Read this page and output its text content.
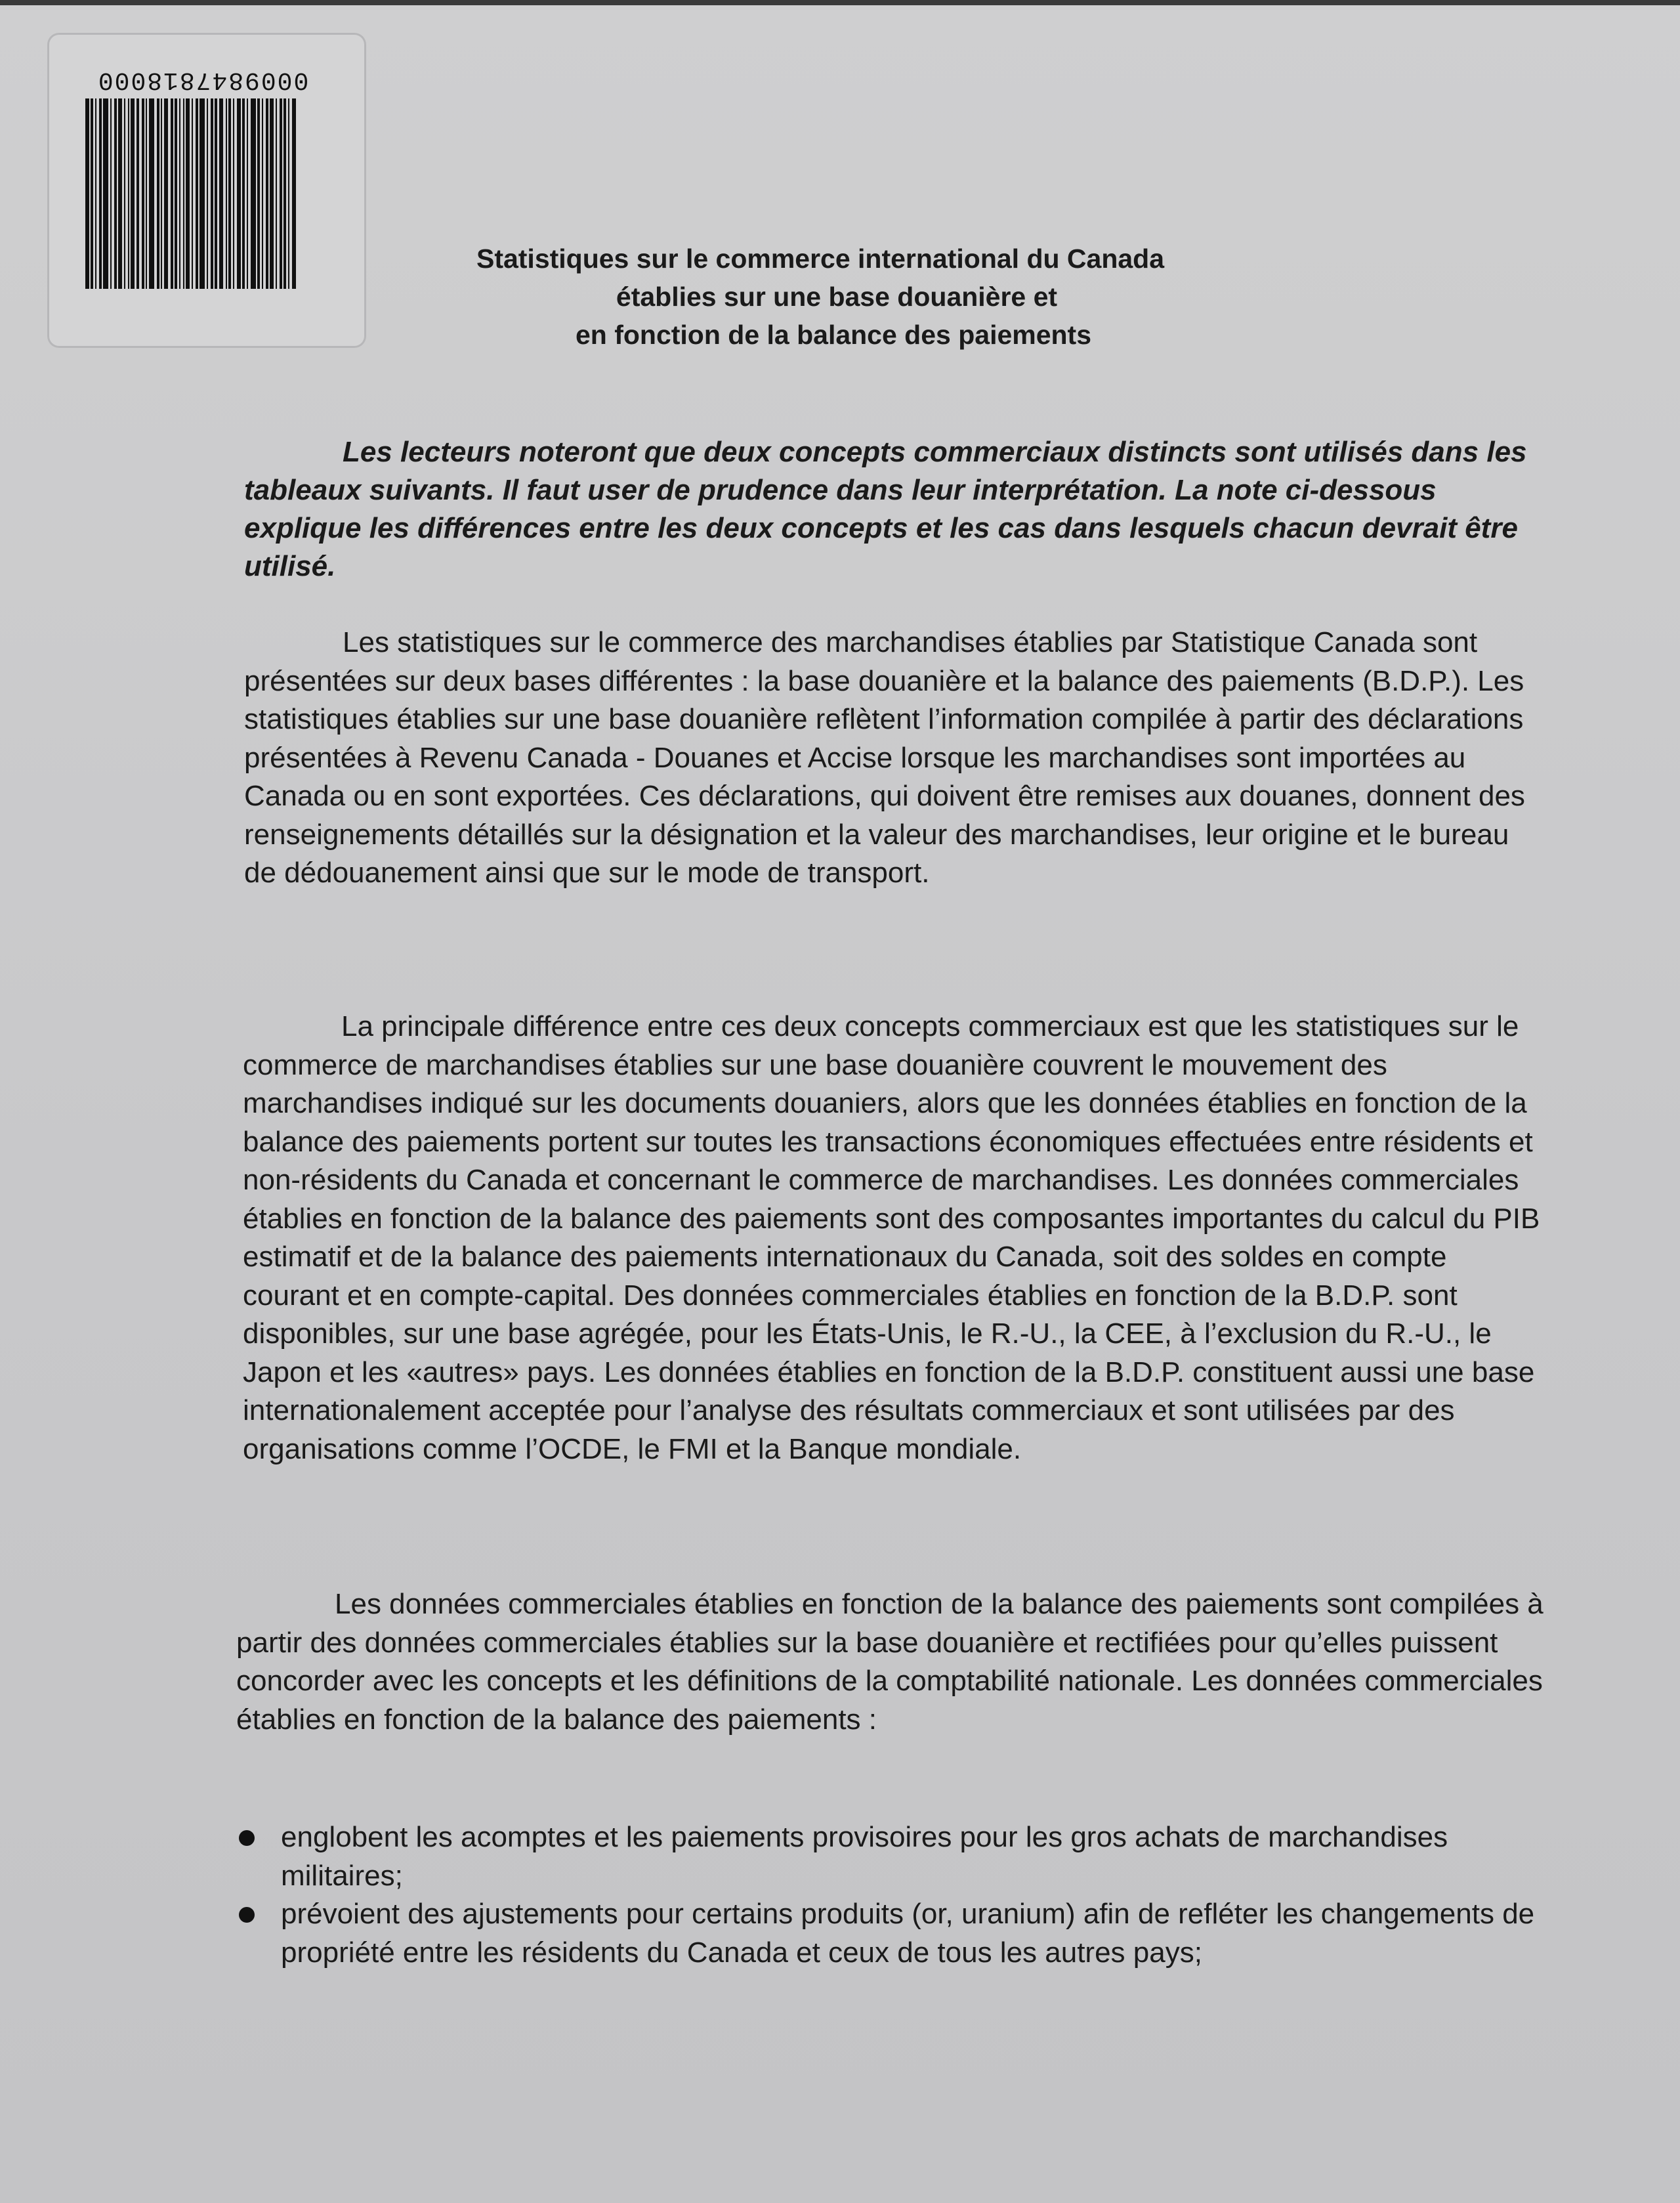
0009847818000
Statistiques sur le commerce international du Canada
établies sur une base douanière et
en fonction de la balance des paiements
Les lecteurs noteront que deux concepts commerciaux distincts sont utilisés dans les tableaux suivants. Il faut user de prudence dans leur interprétation. La note ci-dessous explique les différences entre les deux concepts et les cas dans lesquels chacun devrait être utilisé.
Les statistiques sur le commerce des marchandises établies par Statistique Canada sont présentées sur deux bases différentes : la base douanière et la balance des paiements (B.D.P.). Les statistiques établies sur une base douanière reflètent l’information compilée à partir des déclarations présentées à Revenu Canada - Douanes et Accise lorsque les marchandises sont importées au Canada ou en sont exportées. Ces déclarations, qui doivent être remises aux douanes, donnent des renseignements détaillés sur la désignation et la valeur des marchandises, leur origine et le bureau de dédouanement ainsi que sur le mode de transport.
La principale différence entre ces deux concepts commerciaux est que les statistiques sur le commerce de marchandises établies sur une base douanière couvrent le mouvement des marchandises indiqué sur les documents douaniers, alors que les données établies en fonction de la balance des paiements portent sur toutes les transactions économiques effectuées entre résidents et non-résidents du Canada et concernant le commerce de marchandises. Les données commerciales établies en fonction de la balance des paiements sont des composantes importantes du calcul du PIB estimatif et de la balance des paiements internationaux du Canada, soit des soldes en compte courant et en compte-capital. Des données commerciales établies en fonction de la B.D.P. sont disponibles, sur une base agrégée, pour les États-Unis, le R.-U., la CEE, à l’exclusion du R.-U., le Japon et les «autres» pays. Les données établies en fonction de la B.D.P. constituent aussi une base internationalement acceptée pour l’analyse des résultats commerciaux et sont utilisées par des organisations comme l’OCDE, le FMI et la Banque mondiale.
Les données commerciales établies en fonction de la balance des paiements sont compilées à partir des données commerciales établies sur la base douanière et rectifiées pour qu’elles puissent concorder avec les concepts et les définitions de la comptabilité nationale. Les données commerciales établies en fonction de la balance des paiements :
englobent les acomptes et les paiements provisoires pour les gros achats de marchandises militaires;
prévoient des ajustements pour certains produits (or, uranium) afin de refléter les changements de propriété entre les résidents du Canada et ceux de tous les autres pays;
